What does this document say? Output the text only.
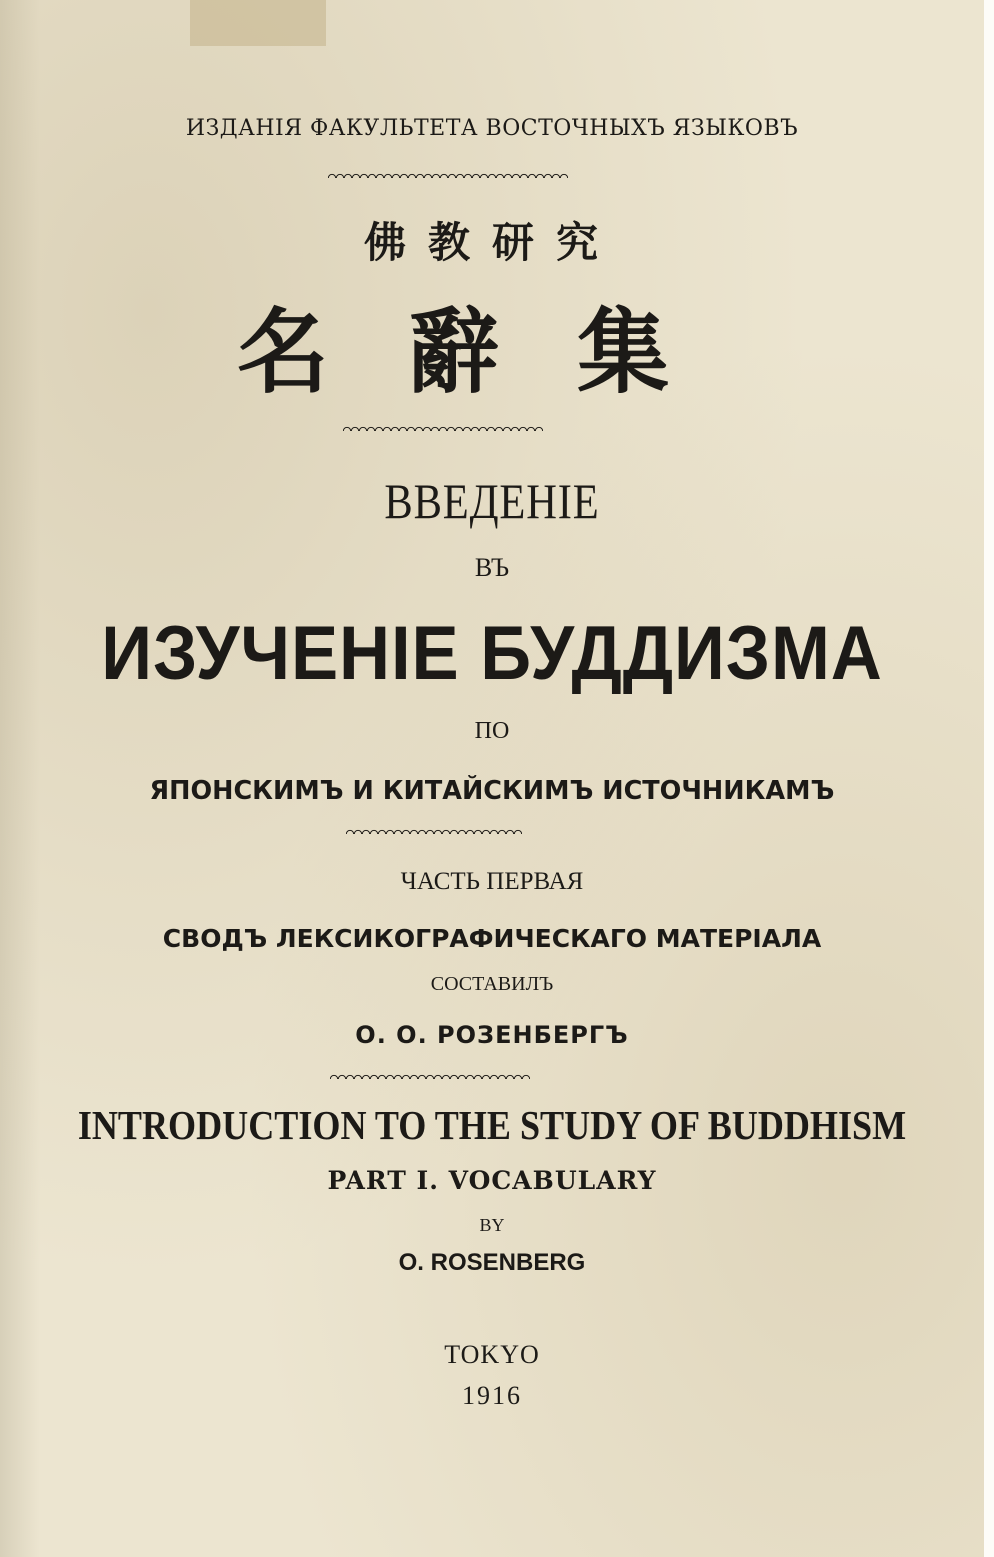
ИЗДАНІЯ ФАКУЛЬТЕТА ВОСТОЧНЫХЪ ЯЗЫКОВЪ
佛教研究
名辭集
ВВЕДЕНІЕ
ВЪ
ИЗУЧЕНІЕ БУДДИЗМА
ПО
ЯПОНСКИМЪ И КИТАЙСКИМЪ ИСТОЧНИКАМЪ
ЧАСТЬ ПЕРВАЯ
СВОДЪ ЛЕКСИКОГРАФИЧЕСКАГО МАТЕРІАЛА
СОСТАВИЛЪ
О. О. РОЗЕНБЕРГЪ
INTRODUCTION TO THE STUDY OF BUDDHISM
PART I. VOCABULARY
BY
O. ROSENBERG
TOKYO
1916
